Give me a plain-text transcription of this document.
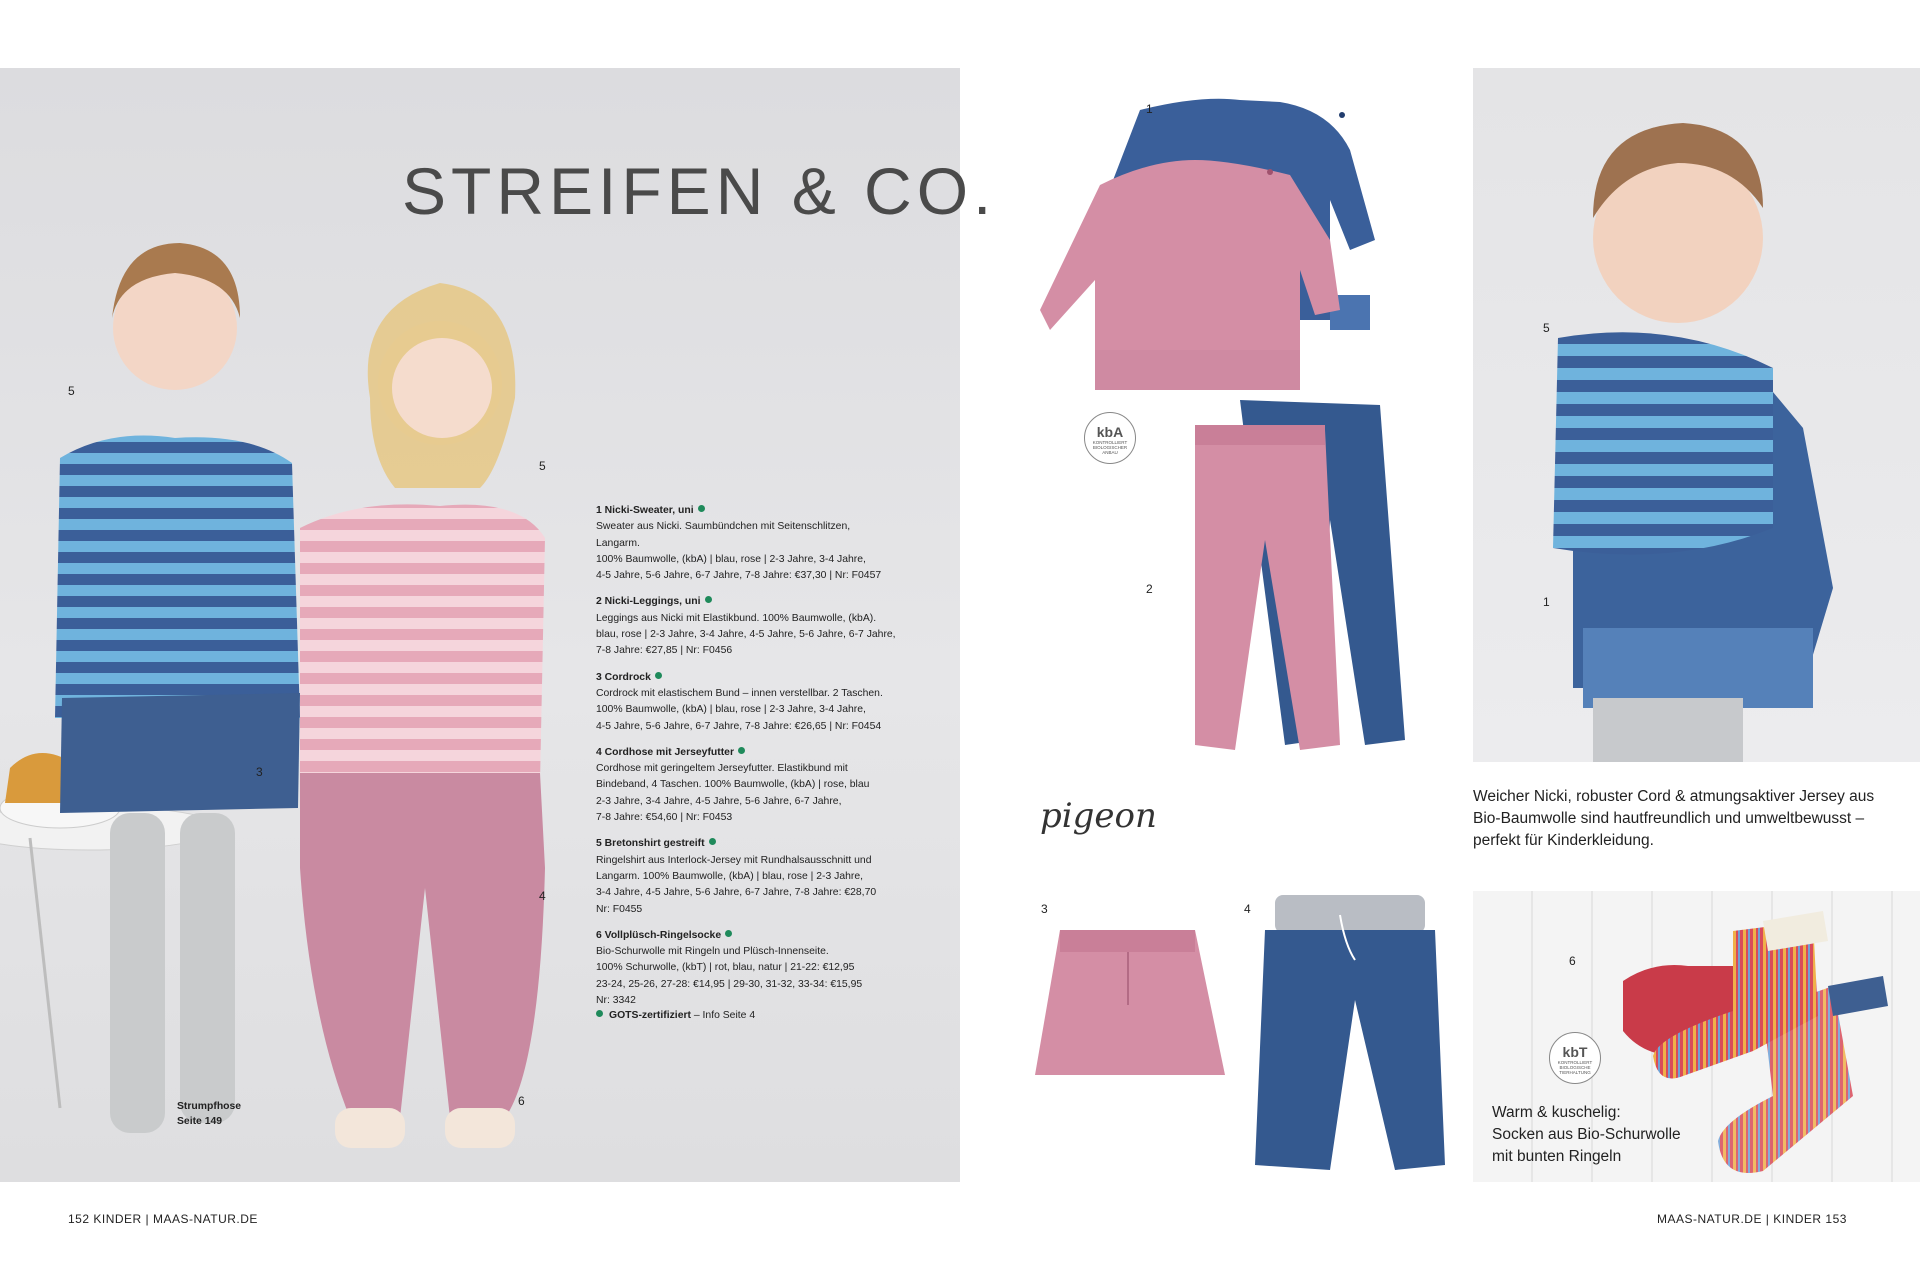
STREIFEN & CO.
5
5
3
4
6
1 Nicki-Sweater, uni
Sweater aus Nicki. Saumbündchen mit Seitenschlitzen, Langarm.
100% Baumwolle, (kbA) | blau, rose | 2-3 Jahre, 3-4 Jahre,
4-5 Jahre, 5-6 Jahre, 6-7 Jahre, 7-8 Jahre: €37,30 | Nr: F0457
2 Nicki-Leggings, uni
Leggings aus Nicki mit Elastikbund. 100% Baumwolle, (kbA).
blau, rose | 2-3 Jahre, 3-4 Jahre, 4-5 Jahre, 5-6 Jahre, 6-7 Jahre,
7-8 Jahre: €27,85 | Nr: F0456
3 Cordrock
Cordrock mit elastischem Bund – innen verstellbar. 2 Taschen.
100% Baumwolle, (kbA) | blau, rose | 2-3 Jahre, 3-4 Jahre,
4-5 Jahre, 5-6 Jahre, 6-7 Jahre, 7-8 Jahre: €26,65 | Nr: F0454
4 Cordhose mit Jerseyfutter
Cordhose mit geringeltem Jerseyfutter. Elastikbund mit
Bindeband, 4 Taschen. 100% Baumwolle, (kbA) | rose, blau
2-3 Jahre, 3-4 Jahre, 4-5 Jahre, 5-6 Jahre, 6-7 Jahre,
7-8 Jahre: €54,60 | Nr: F0453
5 Bretonshirt gestreift
Ringelshirt aus Interlock-Jersey mit Rundhalsausschnitt und
Langarm. 100% Baumwolle, (kbA) | blau, rose | 2-3 Jahre,
3-4 Jahre, 4-5 Jahre, 5-6 Jahre, 6-7 Jahre, 7-8 Jahre: €28,70
Nr: F0455
6 Vollplüsch-Ringelsocke
Bio-Schurwolle mit Ringeln und Plüsch-Innenseite.
100% Schurwolle, (kbT) | rot, blau, natur | 21-22: €12,95
23-24, 25-26, 27-28: €14,95 | 29-30, 31-32, 33-34: €15,95
Nr: 3342
GOTS-zertifiziert – Info Seite 4
Strumpfhose
Seite 149
152 KINDER | MAAS-NATUR.DE	MAAS-NATUR.DE | KINDER 153
1
kbA
KONTROLLIERT BIOLOGISCHER ANBAU
2
pigeon
3	4
5
1
Weicher Nicki, robuster Cord & atmungsaktiver Jersey aus Bio-Baumwolle sind hautfreundlich und umweltbewusst – perfekt für Kinderkleidung.
6
kbT
KONTROLLIERT BIOLOGISCHE TIERHALTUNG
Warm & kuschelig:
Socken aus Bio-Schurwolle
mit bunten Ringeln
